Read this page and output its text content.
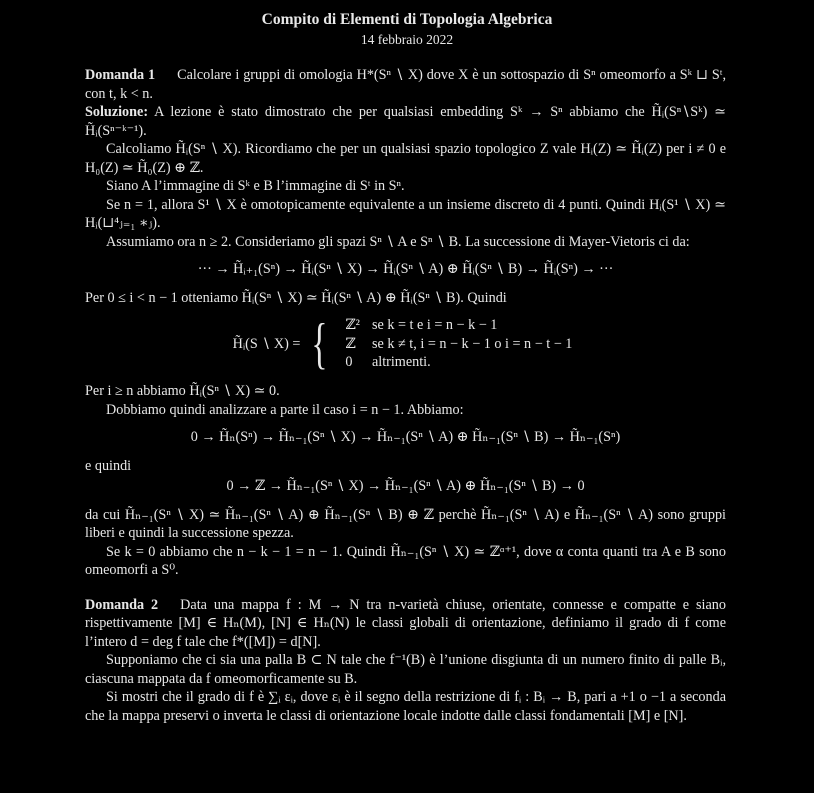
Compito di Elementi di Topologia Algebrica
14 febbraio 2022

Domanda 1 Calcolare i gruppi di omologia H*(Sⁿ ∖ X) dove X è un sottospazio di Sⁿ omeomorfo a Sᵏ ⊔ Sᵗ, con t, k < n.

Soluzione: A lezione è stato dimostrato che per qualsiasi embedding Sᵏ → Sⁿ abbiamo che H̃ᵢ(Sⁿ∖Sᵏ) ≃ H̃ᵢ(Sⁿ⁻ᵏ⁻¹).

Calcoliamo H̃ᵢ(Sⁿ ∖ X). Ricordiamo che per un qualsiasi spazio topologico Z vale Hᵢ(Z) ≃ H̃ᵢ(Z) per i ≠ 0 e H₀(Z) ≃ H̃₀(Z) ⊕ ℤ.

Siano A l’immagine di Sᵏ e B l’immagine di Sᵗ in Sⁿ.

Se n = 1, allora S¹ ∖ X è omotopicamente equivalente a un insieme discreto di 4 punti. Quindi Hᵢ(S¹ ∖ X) ≃ Hᵢ(⊔⁴ⱼ₌₁ ∗ⱼ).

Assumiamo ora n ≥ 2. Consideriamo gli spazi Sⁿ ∖ A e Sⁿ ∖ B. La successione di Mayer-Vietoris ci da:

··· → H̃ᵢ₊₁(Sⁿ) → H̃ᵢ(Sⁿ ∖ X) → H̃ᵢ(Sⁿ ∖ A) ⊕ H̃ᵢ(Sⁿ ∖ B) → H̃ᵢ(Sⁿ) → ···

Per 0 ≤ i < n − 1 otteniamo H̃ᵢ(Sⁿ ∖ X) ≃ H̃ᵢ(Sⁿ ∖ A) ⊕ H̃ᵢ(Sⁿ ∖ B). Quindi

H̃ᵢ(S ∖ X) = { ℤ²	se k = t e i = n − k − 1
ℤ	se k ≠ t, i = n − k − 1 o i = n − t − 1
0	altrimenti.

Per i ≥ n abbiamo H̃ᵢ(Sⁿ ∖ X) ≃ 0.

Dobbiamo quindi analizzare a parte il caso i = n − 1. Abbiamo:

0 → H̃ₙ(Sⁿ) → H̃ₙ₋₁(Sⁿ ∖ X) → H̃ₙ₋₁(Sⁿ ∖ A) ⊕ H̃ₙ₋₁(Sⁿ ∖ B) → H̃ₙ₋₁(Sⁿ)

e quindi

0 → ℤ → H̃ₙ₋₁(Sⁿ ∖ X) → H̃ₙ₋₁(Sⁿ ∖ A) ⊕ H̃ₙ₋₁(Sⁿ ∖ B) → 0

da cui H̃ₙ₋₁(Sⁿ ∖ X) ≃ H̃ₙ₋₁(Sⁿ ∖ A) ⊕ H̃ₙ₋₁(Sⁿ ∖ B) ⊕ ℤ perchè H̃ₙ₋₁(Sⁿ ∖ A) e H̃ₙ₋₁(Sⁿ ∖ A) sono gruppi liberi e quindi la successione spezza.

Se k = 0 abbiamo che n − k − 1 = n − 1. Quindi H̃ₙ₋₁(Sⁿ ∖ X) ≃ ℤᵅ⁺¹, dove α conta quanti tra A e B sono omeomorfi a S⁰.

Domanda 2 Data una mappa f : M → N tra n-varietà chiuse, orientate, connesse e compatte e siano rispettivamente [M] ∈ Hₙ(M), [N] ∈ Hₙ(N) le classi globali di orientazione, definiamo il grado di f come l’intero d = deg f tale che f*([M]) = d[N].

Supponiamo che ci sia una palla B ⊂ N tale che f⁻¹(B) è l’unione disgiunta di un numero finito di palle Bᵢ, ciascuna mappata da f omeomorficamente su B.

Si mostri che il grado di f è ∑ᵢ εᵢ, dove εᵢ è il segno della restrizione di fᵢ : Bᵢ → B, pari a +1 o −1 a seconda che la mappa preservi o inverta le classi di orientazione locale indotte dalle classi fondamentali [M] e [N].
